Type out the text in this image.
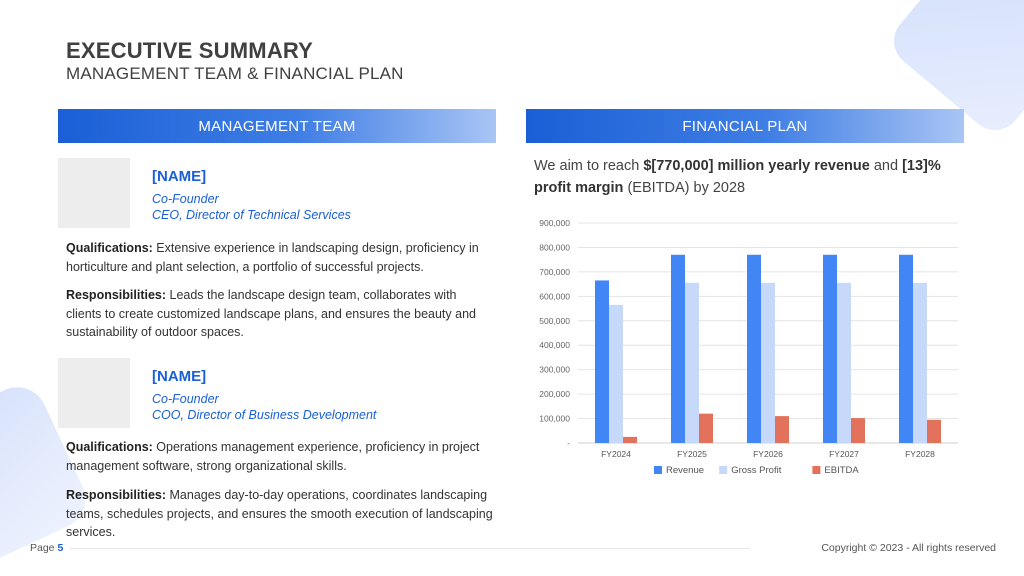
EXECUTIVE SUMMARY
MANAGEMENT TEAM & FINANCIAL PLAN
MANAGEMENT TEAM
[NAME]
Co-Founder
CEO, Director of Technical Services
Qualifications: Extensive experience in landscaping design, proficiency in horticulture and plant selection, a portfolio of successful projects.
Responsibilities: Leads the landscape design team, collaborates with clients to create customized landscape plans, and ensures the beauty and sustainability of outdoor spaces.
[NAME]
Co-Founder
COO, Director of Business Development
Qualifications: Operations management experience, proficiency in project management software, strong organizational skills.
Responsibilities: Manages day-to-day operations, coordinates landscaping teams, schedules projects, and ensures the smooth execution of landscaping services.
FINANCIAL PLAN
We aim to reach $[770,000] million yearly revenue and [13]% profit margin (EBITDA) by 2028
-
100,000
200,000
300,000
400,000
500,000
600,000
700,000
800,000
900,000
FY2024	FY2025	FY2026	FY2027	FY2028
Revenue	Gross Profit	EBITDA
Page 5	Copyright © 2023 - All rights reserved
